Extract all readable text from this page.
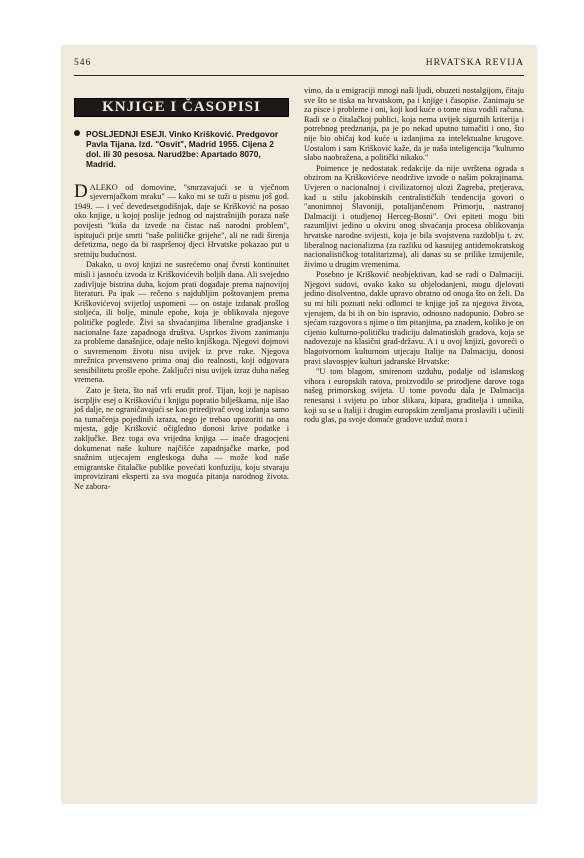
546	HRVATSKA REVIJA
KNJIGE I ČASOPISI
POSLJEDNJI ESEJI. Vinko Krišković. Predgovor Pavla Tijana. Izd. "Osvit", Madrid 1955. Cijena 2 dol. ili 30 pesosa. Narudžbe: Apartado 8070, Madrid.

DALEKO od domovine, "smrzavajući se u vječnom sjevernjačkom mraku" — kako mi se tuži u pismu još god. 1949. — i već devedesetgodišnjak, daje se Krišković na posao oko knjige, u kojoj poslije jednog od najstrašnijih poraza naše povijesti "kuša da izvede na čistac naš narodni problem", ispitujući prije smrti "naše političke grijehe", ali ne radi širenja defetizma, nego da bi raspršenoj djeci Hrvatske pokazao put u sretniju budućnost.

Dakako, u ovoj knjizi ne susrećemo onaj čvrsti kontinuitet misli i jasnoću izvoda iz Kriškovićevih boljih dana. Ali svejedno zadivljuje bistrina duha, kojom prati događaje prema najnovijoj literaturi. Pa ipak — rečeno s najdubljim poštovanjem prema Kriškovićevoj svijetloj uspomeni — on ostaje izdanak prošlog stoljeća, ili bolje, minule epohe, koja je oblikovala njegove političke poglede. Živi sa shvaćanjima liberalne gradjanske i nacionalne faze zapadnoga društva. Usprkos živom zanimanju za probleme današnjice, odaje nešto knjiškoga. Njegovi dojmovi o suvremenom životu nisu uvijek iz prve ruke. Njegova mrežnica prvenstveno prima onaj dio realnosti, koji odgovara sensibilitetu prošle epohe. Zaključci nisu uvijek izraz duha našeg vremena.

Zato je šteta, što naš vrli erudit prof. Tijan, koji je napisao iscrpljiv esej o Kriškoviću i knjigu popratio bilješkama, nije išao još dalje, ne ograničavajući se kao priredjivač ovog izdanja samo na tumačenja pojedinih izraza, nego je trebao upozoriti na ona mjesta, gdje Krišković očigledno donosi krive podatke i zaključke. Bez toga ova vrijedna knjiga — inače dragocjeni dokumenat naše kulture najčišće zapadnjačke marke, pod snažnim utjecajem engleskoga duha — može kod naše emigrantske čitalačke publike povećati konfuziju, koju stvaraju improvizirani eksperti za sva moguća pitanja narodnog života. Ne zabora-

vimo, da u emigraciji mnogi naši ljudi, obuzeti nostalgijom, čitaju sve što se tiska na hrvatskom, pa i knjige i časopise. Zanimaju se za pisce i probleme i oni, koji kod kuće o tome nisu vodili računa. Radi se o čitalačkoj publici, koja nema uvijek sigurnih kriterija i potrebnog predznanja, pa je po nekad uputno tumačiti i ono, što nije bio običaj kod kuće u izdanjima za intelektualne krugove. Uostalom i sam Krišković kaže, da je naša inteligencija "kulturno slabo naobražena, a politički nikako."

Poimence je nedostatak redakcije da nije uvrštena ograda s obzirom na Kriškovićeve neodržive izvode o našim pokrajinama. Uvjeren o nacionalnoj i civilizatornoj ulozi Zagreba, pretjerava, kad u stilu jakobinskih centralističkih tendencija govori o "anonimnoj Slavoniji, potalijančenom Primorju, nastranoj Dalmaciji i otudjenoj Herceg-Bosni". Ovi epiteti mogu biti razumljivi jedino u okviru onog shvaćanja procesa oblikovanja hrvatske narodne svijesti, koja je bila svojstvena razdoblju t. zv. liberalnog nacionalizma (za razliku od kasnijeg antidemokratskog nacionalističkog totalitarizma), ali danas su se prilike izmijenile, živimo u drugim vremenima.

Posebno je Krišković neobjektivan, kad se radi o Dalmaciji. Njegovi sudovi, ovako kako su objelodanjeni, mogu djelovati jedino disolventno, dakle upravo obratno od onoga što on želi. Da su mi bili poznati neki odlomci te knjige još za njegova života, vjerujem, da bi ih on bio ispravio, odnosno nadopunio. Dobro se sjećam razgovora s njime o tim pitanjima, pa znadem, koliko je on cijenio kulturno-političku tradiciju dalmatinskih gradova, koja se nadovezuje na klasični grad-državu. A i u ovoj knjizi, govoreći o blagotvornom kulturnom utjecaju Italije na Dalmaciju, donosi pravi slavospjev kulturi jadranske Hrvatske:

"U tom blagom, smirenom uzduhu, podalje od islamskog vihora i europskih ratova, proizvodilo se prirodjene darove toga našeg primorskog svijeta. U tome povodu dala je Dalmacija renesansi i svijetu po izbor slikara, kipara, graditelja i umnika, koji su se u Italiji i drugim europskim zemljama proslavili i učinili rodu glas, pa svoje domaće gradove uzduž mora i
